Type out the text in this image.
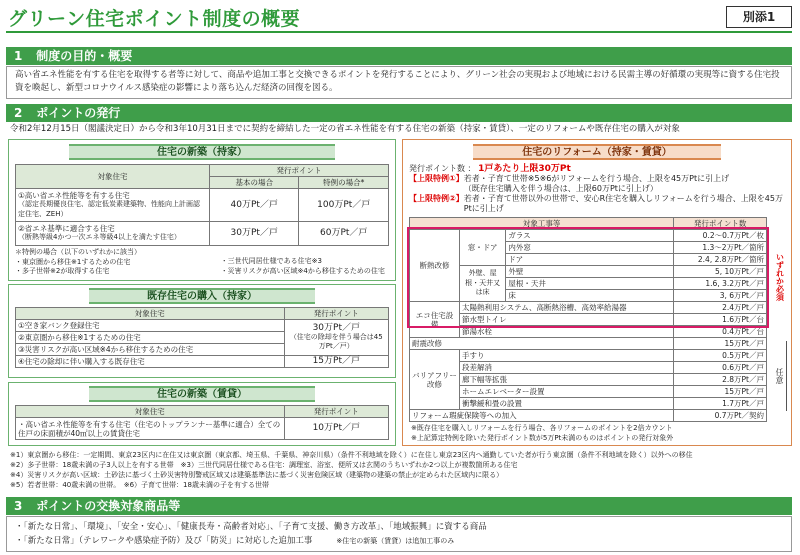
グリーン住宅ポイント制度の概要	別添1
1 制度の目的・概要
高い省エネ性能を有する住宅を取得する者等に対して、商品や追加工事と交換できるポイントを発行することにより、グリーン社会の実現および地域における民需主導の好循環の実現等に資する住宅投資を喚起し、新型コロナウイルス感染症の影響により落ち込んだ経済の回復を図る。
2 ポイントの発行
令和2年12月15日（閣議決定日）から令和3年10月31日までに契約を締結した一定の省エネ性能を有する住宅の新築（持家・賃貸）、一定のリフォームや既存住宅の購入が対象
住宅の新築（持家）
対象住宅	発行ポイント	
	基本の場合	特例の場合*

①高い省エネ性能等を有する住宅
（認定長期優良住宅、認定低炭素建築物、性能向上計画認定住宅、ZEH）	40万Pt／戸	100万Pt／戸

②省エネ基準に適合する住宅
（断熱等級4かつ一次エネ等級4以上を満たす住宅）	30万Pt／戸	60万Pt／戸
＊特例の場合（以下のいずれかに該当）
・東京圏から移住※1するための住宅
・多子世帯※2が取得する住宅
・三世代同居仕様である住宅※3
・災害リスクが高い区域※4から移住するための住宅
既存住宅の購入（持家）
対象住宅	発行ポイント
①空き家バンク登録住宅	30万Pt／戸
（住宅の除却を伴う場合は45万Pt／戸）

②東京圏から移住※1するための住宅	
③災害リスクが高い区域※4から移住するための住宅	
④住宅の除却に伴い購入する既存住宅	15万Pt／戸
住宅の新築（賃貸）
対象住宅	発行ポイント
・高い省エネ性能等を有する住宅（住宅のトップランナー基準に適合）全ての住戸の床面積が40㎡以上の賃貸住宅	10万Pt／戸
住宅のリフォーム（持家・賃貸）
発行ポイント数 ： 1戸あたり上限30万Pt
【上限特例①】 若者・子育て世帯※5※6がリフォームを行う場合、上限を45万Ptに引上げ
（既存住宅購入を伴う場合は、上限60万Ptに引上げ）
【上限特例②】 若者・子育て世帯以外の世帯で、安心R住宅を購入しリフォームを行う場合、上限を45万Ptに引上げ
対象工事等			発行ポイント数
断熱改修	窓・ドア	ガラス	0.2〜0.7万Pt／枚
		内外窓	1.3〜2万Pt／箇所
		ドア	2.4, 2.8万Pt／箇所
	外壁、屋根・天井又は床	外壁	5, 10万Pt／戸
		屋根・天井	1.6, 3.2万Pt／戸
		床	3, 6万Pt／戸
エコ住宅設備	太陽熱利用システム、高断熱浴槽、高効率給湯器		2.4万Pt／戸
	節水型トイレ		1.6万Pt／台
	節湯水栓		0.4万Pt／台
耐震改修			15万Pt／戸
バリアフリー改修	手すり		0.5万Pt／戸
	段差解消		0.6万Pt／戸
	廊下幅等拡張		2.8万Pt／戸
	ホームエレベーター設置		15万Pt／戸
	衝撃緩和畳の設置		1.7万Pt／戸
リフォーム瑕疵保険等への加入			0.7万Pt／契約
いずれか必須
任意
※既存住宅を購入しリフォームを行う場合、各リフォームのポイントを2倍カウント
※上記算定特例を除いた発行ポイント数が5万Pt未満のものはポイントの発行対象外
※1）東京圏から移住：一定期間、東京23区内に在住又は東京圏（東京都、埼玉県、千葉県、神奈川県）（条件不利地域を除く）に在住し東京23区内へ通勤していた者が行う東京圏（条件不利地域を除く）以外への移住
※2）多子世帯：18歳未満の子3人以上を有する世帯　※3）三世代同居仕様である住宅：調理室、浴室、便所又は玄関のうちいずれか2つ以上が複数箇所ある住宅
※4）災害リスクが高い区域：土砂法に基づく土砂災害特別警戒区域又は建築基準法に基づく災害危険区域（建築物の建築の禁止が定められた区域内に限る）
※5）若者世帯：40歳未満の世帯。　※6）子育て世帯：18歳未満の子を有する世帯
3 ポイントの交換対象商品等
・「新たな日常」、「環境」、「安全・安心」、「健康長寿・高齢者対応」、「子育て支援、働き方改革」、「地域振興」に資する商品
・「新たな日常」（テレワークや感染症予防）及び「防災」に対応した追加工事	※住宅の新築（賃貸）は追加工事のみ
